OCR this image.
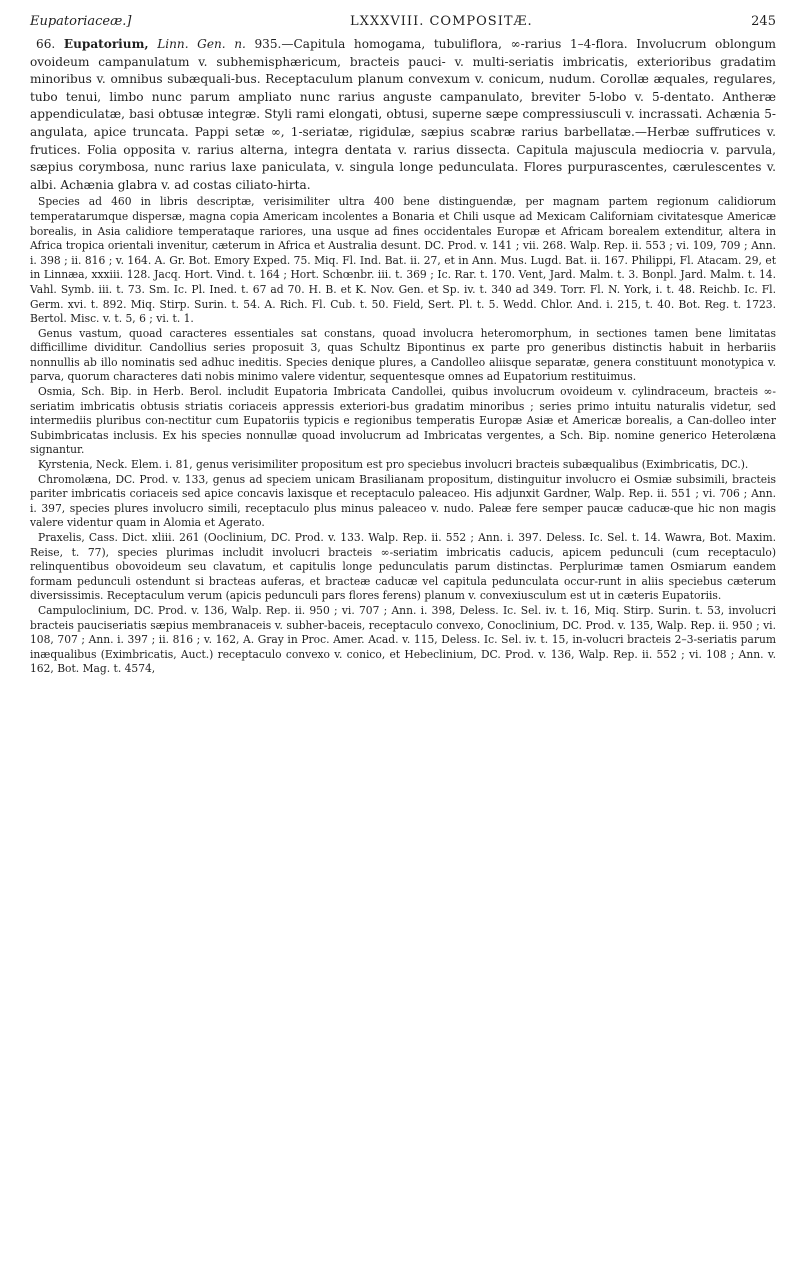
Eupatoriaceæ.]	LXXXVIII. COMPOSITÆ.	245
66. Eupatorium, Linn. Gen. n. 935.—Capitula homogama, tubuliflora, ∞-rarius 1–4-flora. Involucrum oblongum ovoideum campanulatum v. subhemisphæricum, bracteis pauci- v. multi-seriatis imbricatis, exterioribus gradatim minoribus v. omnibus subæquali-bus. Receptaculum planum convexum v. conicum, nudum. Corollæ æquales, regulares, tubo tenui, limbo nunc parum ampliato nunc rarius anguste campanulato, breviter 5-lobo v. 5-dentato. Antheræ appendiculatæ, basi obtusæ integræ. Styli rami elongati, obtusi, superne sæpe compressiusculi v. incrassati. Achænia 5-angulata, apice truncata. Pappi setæ ∞, 1-seriatæ, rigidulæ, sæpius scabræ rarius barbellatæ.—Herbæ suffrutices v. frutices. Folia opposita v. rarius alterna, integra dentata v. rarius dissecta. Capitula majuscula mediocria v. parvula, sæpius corymbosa, nunc rarius laxe paniculata, v. singula longe pedunculata. Flores purpurascentes, cærulescentes v. albi. Achænia glabra v. ad costas ciliato-hirta.

Species ad 460 in libris descriptæ, verisimiliter ultra 400 bene distinguendæ, per magnam partem regionum calidiorum temperatarumque dispersæ, magna copia Americam incolentes a Bonaria et Chili usque ad Mexicam Californiam civitatesque Americæ borealis, in Asia calidiore temperataque rariores, una usque ad fines occidentales Europæ et Africam borealem extenditur, altera in Africa tropica orientali invenitur, cæterum in Africa et Australia desunt. DC. Prod. v. 141 ; vii. 268. Walp. Rep. ii. 553 ; vi. 109, 709 ; Ann. i. 398 ; ii. 816 ; v. 164. A. Gr. Bot. Emory Exped. 75. Miq. Fl. Ind. Bat. ii. 27, et in Ann. Mus. Lugd. Bat. ii. 167. Philippi, Fl. Atacam. 29, et in Linnæa, xxxiii. 128. Jacq. Hort. Vind. t. 164 ; Hort. Schœnbr. iii. t. 369 ; Ic. Rar. t. 170. Vent, Jard. Malm. t. 3. Bonpl. Jard. Malm. t. 14. Vahl. Symb. iii. t. 73. Sm. Ic. Pl. Ined. t. 67 ad 70. H. B. et K. Nov. Gen. et Sp. iv. t. 340 ad 349. Torr. Fl. N. York, i. t. 48. Reichb. Ic. Fl. Germ. xvi. t. 892. Miq. Stirp. Surin. t. 54. A. Rich. Fl. Cub. t. 50. Field, Sert. Pl. t. 5. Wedd. Chlor. And. i. 215, t. 40. Bot. Reg. t. 1723. Bertol. Misc. v. t. 5, 6 ; vi. t. 1.

Genus vastum, quoad caracteres essentiales sat constans, quoad involucra heteromorphum, in sectiones tamen bene limitatas difficillime dividitur. Candollius series proposuit 3, quas Schultz Bipontinus ex parte pro generibus distinctis habuit in herbariis nonnullis ab illo nominatis sed adhuc ineditis. Species denique plures, a Candolleo aliisque separatæ, genera constituunt monotypica v. parva, quorum characteres dati nobis minimo valere videntur, sequentesque omnes ad Eupatorium restituimus.

Osmia, Sch. Bip. in Herb. Berol. includit Eupatoria Imbricata Candollei, quibus involucrum ovoideum v. cylindraceum, bracteis ∞-seriatim imbricatis obtusis striatis coriaceis appressis exteriori-bus gradatim minoribus ; series primo intuitu naturalis videtur, sed intermediis pluribus con-nectitur cum Eupatoriis typicis e regionibus temperatis Europæ Asiæ et Americæ borealis, a Can-dolleo inter Subimbricatas inclusis. Ex his species nonnullæ quoad involucrum ad Imbricatas vergentes, a Sch. Bip. nomine generico Heterolæna signantur.

Kyrstenia, Neck. Elem. i. 81, genus verisimiliter propositum est pro speciebus involucri bracteis subæqualibus (Eximbricatis, DC.).

Chromolæna, DC. Prod. v. 133, genus ad speciem unicam Brasilianam propositum, distinguitur involucro ei Osmiæ subsimili, bracteis pariter imbricatis coriaceis sed apice concavis laxisque et receptaculo paleaceo. His adjunxit Gardner, Walp. Rep. ii. 551 ; vi. 706 ; Ann. i. 397, species plures involucro simili, receptaculo plus minus paleaceo v. nudo. Paleæ fere semper paucæ caducæ-que hic non magis valere videntur quam in Alomia et Agerato.

Praxelis, Cass. Dict. xliii. 261 (Ooclinium, DC. Prod. v. 133. Walp. Rep. ii. 552 ; Ann. i. 397. Deless. Ic. Sel. t. 14. Wawra, Bot. Maxim. Reise, t. 77), species plurimas includit involucri bracteis ∞-seriatim imbricatis caducis, apicem pedunculi (cum receptaculo) relinquentibus obovoideum seu clavatum, et capitulis longe pedunculatis parum distinctas. Perplurimæ tamen Osmiarum eandem formam pedunculi ostendunt si bracteas auferas, et bracteæ caducæ vel capitula pedunculata occur-runt in aliis speciebus cæterum diversissimis. Receptaculum verum (apicis pedunculi pars flores ferens) planum v. convexiusculum est ut in cæteris Eupatoriis.

Campuloclinium, DC. Prod. v. 136, Walp. Rep. ii. 950 ; vi. 707 ; Ann. i. 398, Deless. Ic. Sel. iv. t. 16, Miq. Stirp. Surin. t. 53, involucri bracteis pauciseriatis sæpius membranaceis v. subher-baceis, receptaculo convexo, Conoclinium, DC. Prod. v. 135, Walp. Rep. ii. 950 ; vi. 108, 707 ; Ann. i. 397 ; ii. 816 ; v. 162, A. Gray in Proc. Amer. Acad. v. 115, Deless. Ic. Sel. iv. t. 15, in-volucri bracteis 2–3-seriatis parum inæqualibus (Eximbricatis, Auct.) receptaculo convexo v. conico, et Hebeclinium, DC. Prod. v. 136, Walp. Rep. ii. 552 ; vi. 108 ; Ann. v. 162, Bot. Mag. t. 4574,
